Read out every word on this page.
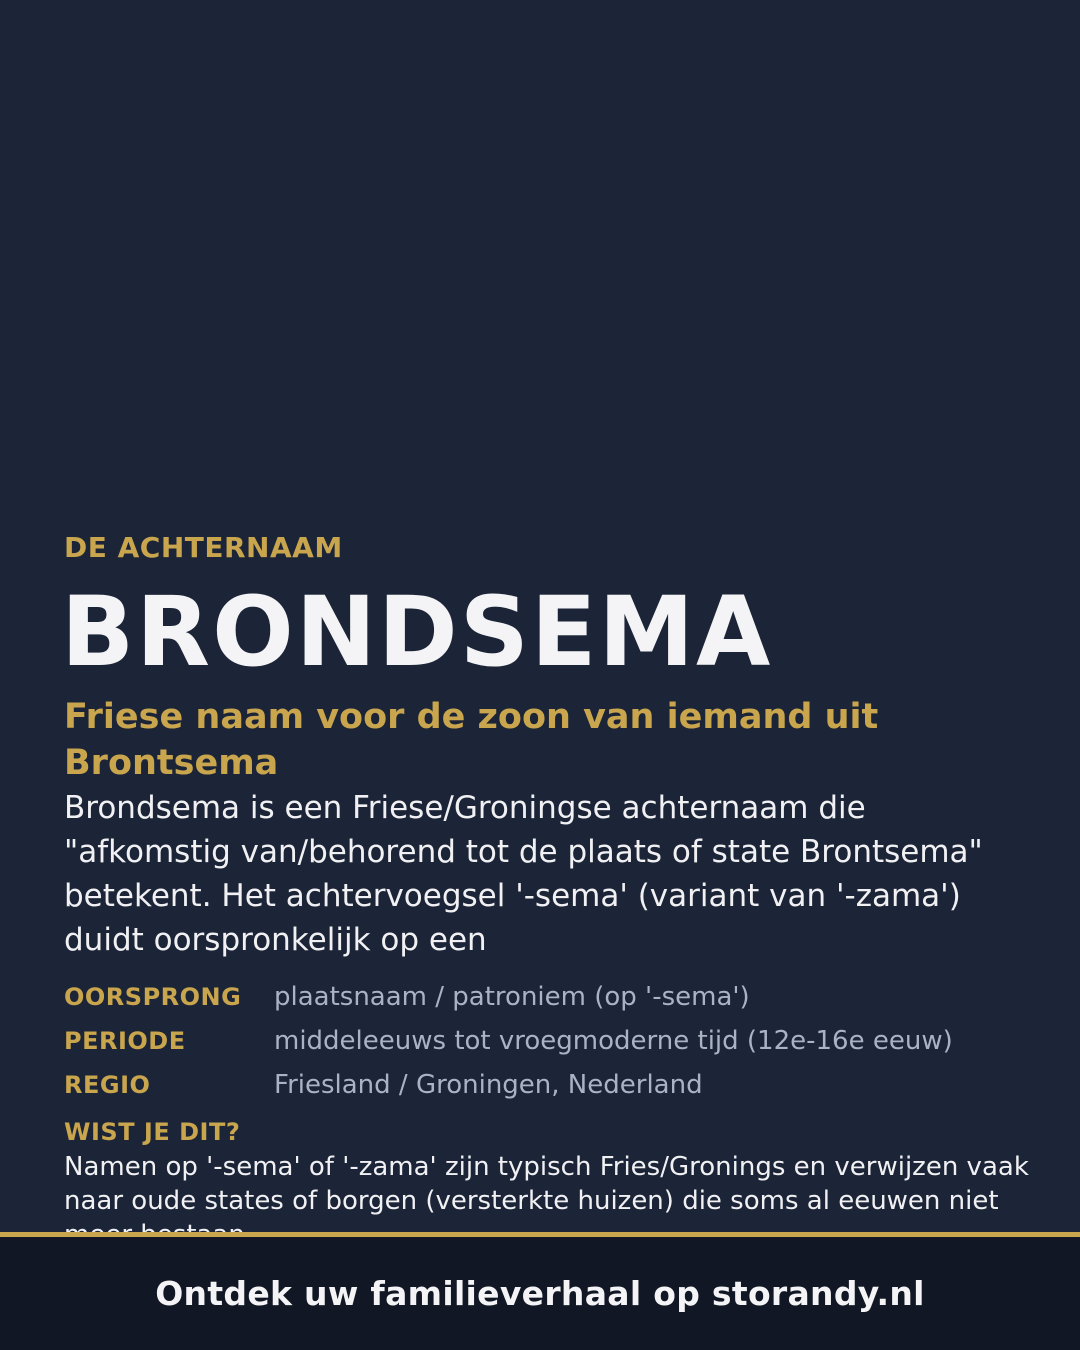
DE ACHTERNAAM
BRONDSEMA
Friese naam voor de zoon van iemand uit Brontsema

Brondsema is een Friese/Groningse achternaam die "afkomstig van/behorend tot de plaats of state Brontsema" betekent. Het achtervoegsel '-sema' (variant van '-zama') duidt oorspronkelijk op een

OORSPRONG	plaatsnaam / patroniem (op '-sema')
PERIODE	middeleeuws tot vroegmoderne tijd (12e-16e eeuw)
REGIO	Friesland / Groningen, Nederland
WIST JE DIT?

Namen op '-sema' of '-zama' zijn typisch Fries/Gronings en verwijzen vaak naar oude states of borgen (versterkte huizen) die soms al eeuwen niet

Ontdek uw familieverhaal op storandy.nl
